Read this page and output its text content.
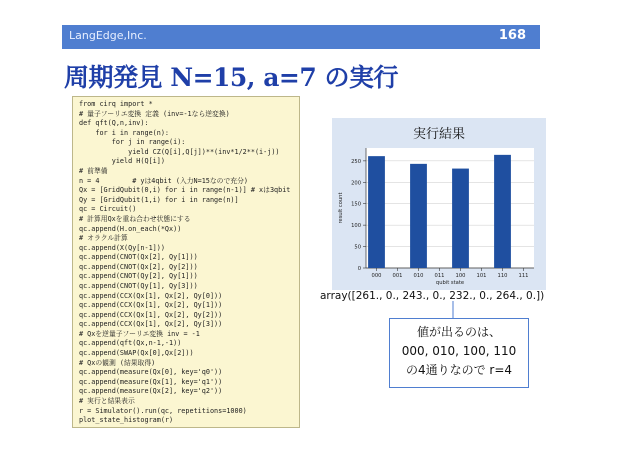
LangEdge,Inc.	168
周期発見 N=15, a=7 の実行
from cirq import *
# 量子フーリエ変換 定義 (inv=-1なら逆変換)
def qft(Q,n,inv):
for i in range(n):
for j in range(i):
yield CZ(Q[i],Q[j])**(inv*1/2**(i-j))
yield H(Q[i])
# 前準備
n = 4        # yは4qbit (入力N=15なので充分)
Qx = [GridQubit(0,i) for i in range(n-1)] # xは3qbit
Qy = [GridQubit(1,i) for i in range(n)]
qc = Circuit()
# 計算用Qxを重ね合わせ状態にする
qc.append(H.on_each(*Qx))
# オラクル計算
qc.append(X(Qy[n-1]))
qc.append(CNOT(Qx[2], Qy[1]))
qc.append(CNOT(Qx[2], Qy[2]))
qc.append(CNOT(Qy[2], Qy[1]))
qc.append(CNOT(Qy[1], Qy[3]))
qc.append(CCX(Qx[1], Qx[2], Qy[0]))
qc.append(CCX(Qx[1], Qx[2], Qy[1]))
qc.append(CCX(Qx[1], Qx[2], Qy[2]))
qc.append(CCX(Qx[1], Qx[2], Qy[3]))
# Qxを逆量子フーリエ変換 inv = -1
qc.append(qft(Qx,n-1,-1))
qc.append(SWAP(Qx[0],Qx[2]))
# Qxの観測 (結果取得)
qc.append(measure(Qx[0], key='q0'))
qc.append(measure(Qx[1], key='q1'))
qc.append(measure(Qx[2], key='q2'))
# 実行と結果表示
r = Simulator().run(qc, repetitions=1000)
plot_state_histogram(r)
実行結果
0
50
100
150
200
250
000 001 010 011 100 101 110 111
qubit state
result count
array([261., 0., 243., 0., 232., 0., 264., 0.])
値が出るのは、
000, 010, 100, 110
の4通りなので r=4
